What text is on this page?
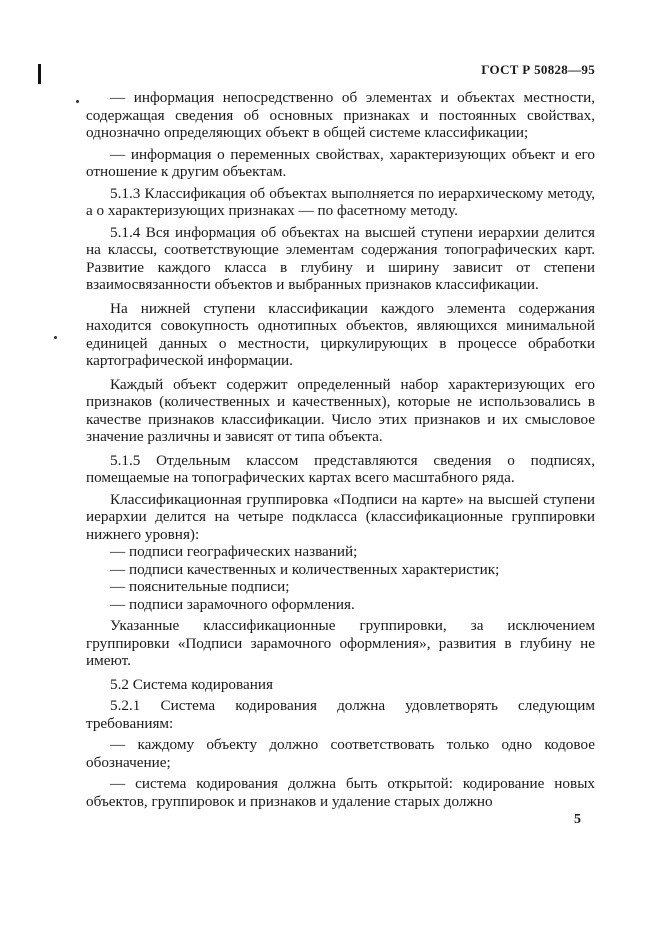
ГОСТ Р 50828—95

— информация непосредственно об элементах и объектах местности, содержащая сведения об основных признаках и постоянных свойствах, однозначно определяющих объект в общей системе классификации;

— информация о переменных свойствах, характеризующих объект и его отношение к другим объектам.

5.1.3 Классификация об объектах выполняется по иерархическому методу, а о характеризующих признаках — по фасетному методу.

5.1.4 Вся информация об объектах на высшей ступени иерархии делится на классы, соответствующие элементам содержания топографических карт. Развитие каждого класса в глубину и ширину зависит от степени взаимосвязанности объектов и выбранных признаков классификации.

На нижней ступени классификации каждого элемента содержания находится совокупность однотипных объектов, являющихся минимальной единицей данных о местности, циркулирующих в процессе обработки картографической информации.

Каждый объект содержит определенный набор характеризующих его признаков (количественных и качественных), которые не использовались в качестве признаков классификации. Число этих признаков и их смысловое значение различны и зависят от типа объекта.

5.1.5 Отдельным классом представляются сведения о подписях, помещаемые на топографических картах всего масштабного ряда.

Классификационная группировка «Подписи на карте» на высшей ступени иерархии делится на четыре подкласса (классификационные группировки нижнего уровня):

— подписи географических названий;

— подписи качественных и количественных характеристик;

— пояснительные подписи;

— подписи зарамочного оформления.

Указанные классификационные группировки, за исключением группировки «Подписи зарамочного оформления», развития в глубину не имеют.

5.2 Система кодирования

5.2.1 Система кодирования должна удовлетворять следующим требованиям:

— каждому объекту должно соответствовать только одно кодовое обозначение;

— система кодирования должна быть открытой: кодирование новых объектов, группировок и признаков и удаление старых должно

5
